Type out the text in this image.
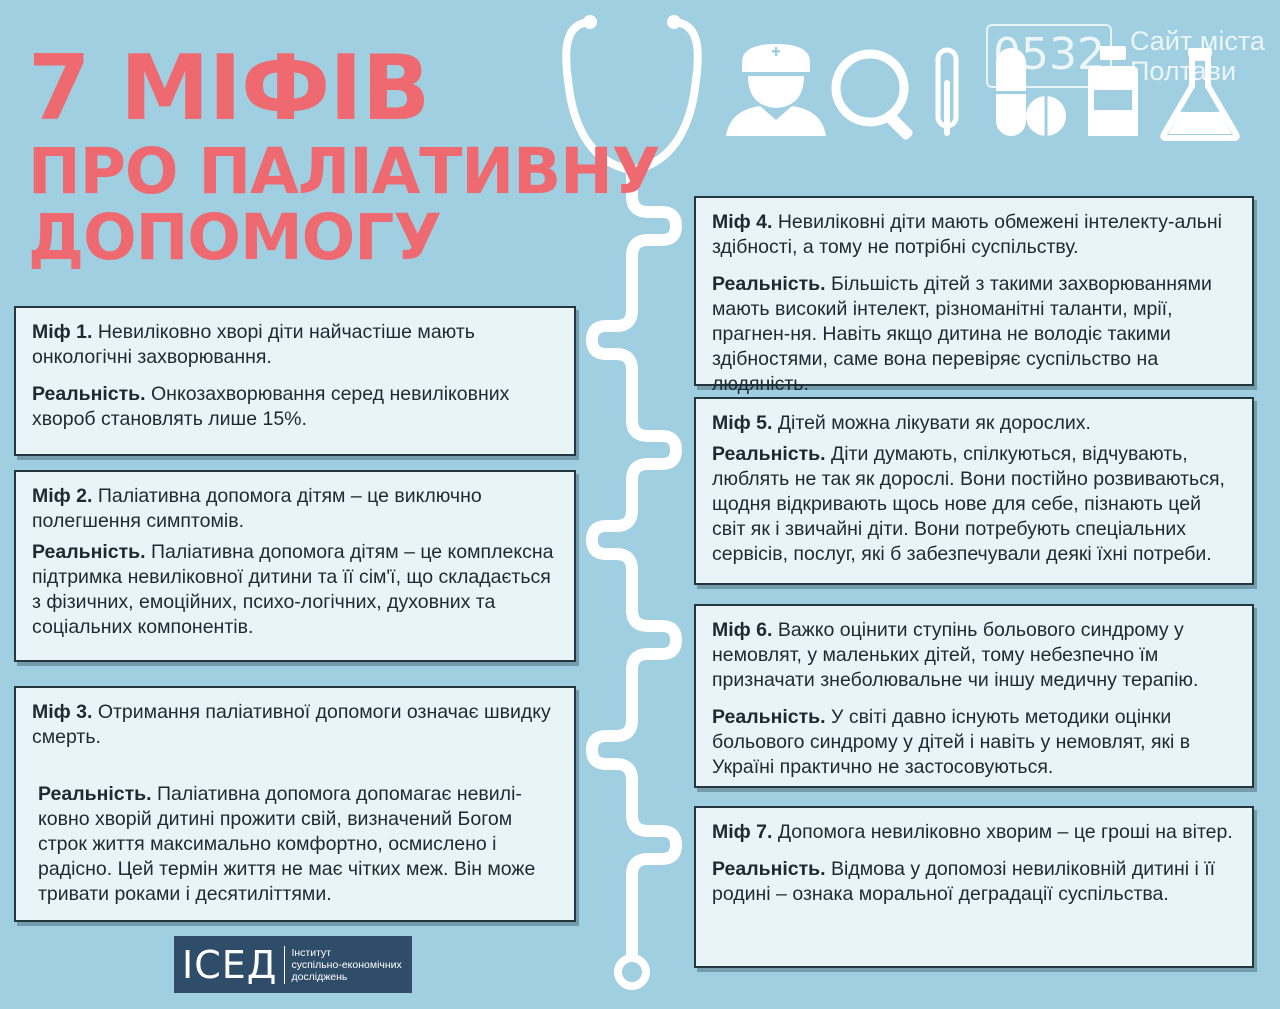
7 МІФІВ
ПРО ПАЛІАТИВНУ
ДОПОМОГУ
0532 Сайт міста
Полтави

Міф 1. Невиліковно хворі діти найчастіше мають онкологічні захворювання.

Реальність. Онкозахворювання серед невиліковних хвороб становлять лише 15%.

Міф 2. Паліативна допомога дітям – це виключно полегшення симптомів.

Реальність. Паліативна допомога дітям – це комплексна підтримка невиліковної дитини та її сім'ї, що складається з фізичних, емоційних, психо-логічних, духовних та соціальних компонентів.

Міф 3. Отримання паліативної допомоги означає швидку смерть.

Реальність. Паліативна допомога допомагає невилі-ковно хворій дитині прожити свій, визначений Богом строк життя максимально комфортно, осмислено і радісно. Цей термін життя не має чітких меж. Він може тривати роками і десятиліттями.

Міф 4. Невиліковні діти мають обмежені інтелекту-альні здібності, а тому не потрібні суспільству.

Реальність. Більшість дітей з такими захворюваннями мають високий інтелект, різноманітні таланти, мрії, прагнен-ня. Навіть якщо дитина не володіє такими здібностями, саме вона перевіряє суспільство на людяність.

Міф 5. Дітей можна лікувати як дорослих.

Реальність. Діти думають, спілкуються, відчувають, люблять не так як дорослі. Вони постійно розвиваються, щодня відкривають щось нове для себе, пізнають цей світ як і звичайні діти. Вони потребують спеціальних сервісів, послуг, які б забезпечували деякі їхні потреби.

Міф 6. Важко оцінити ступінь больового синдрому у немовлят, у маленьких дітей, тому небезпечно їм призначати знеболювальне чи іншу медичну терапію.

Реальність. У світі давно існують методики оцінки больового синдрому у дітей і навіть у немовлят, які в Україні практично не застосовуються.

Міф 7. Допомога невиліковно хворим – це гроші на вітер.

Реальність. Відмова у допомозі невиліковній дитині і її родині – ознака моральної деградації суспільства.

ІСЕД	Інститут
суспільно-економічних
досліджень
